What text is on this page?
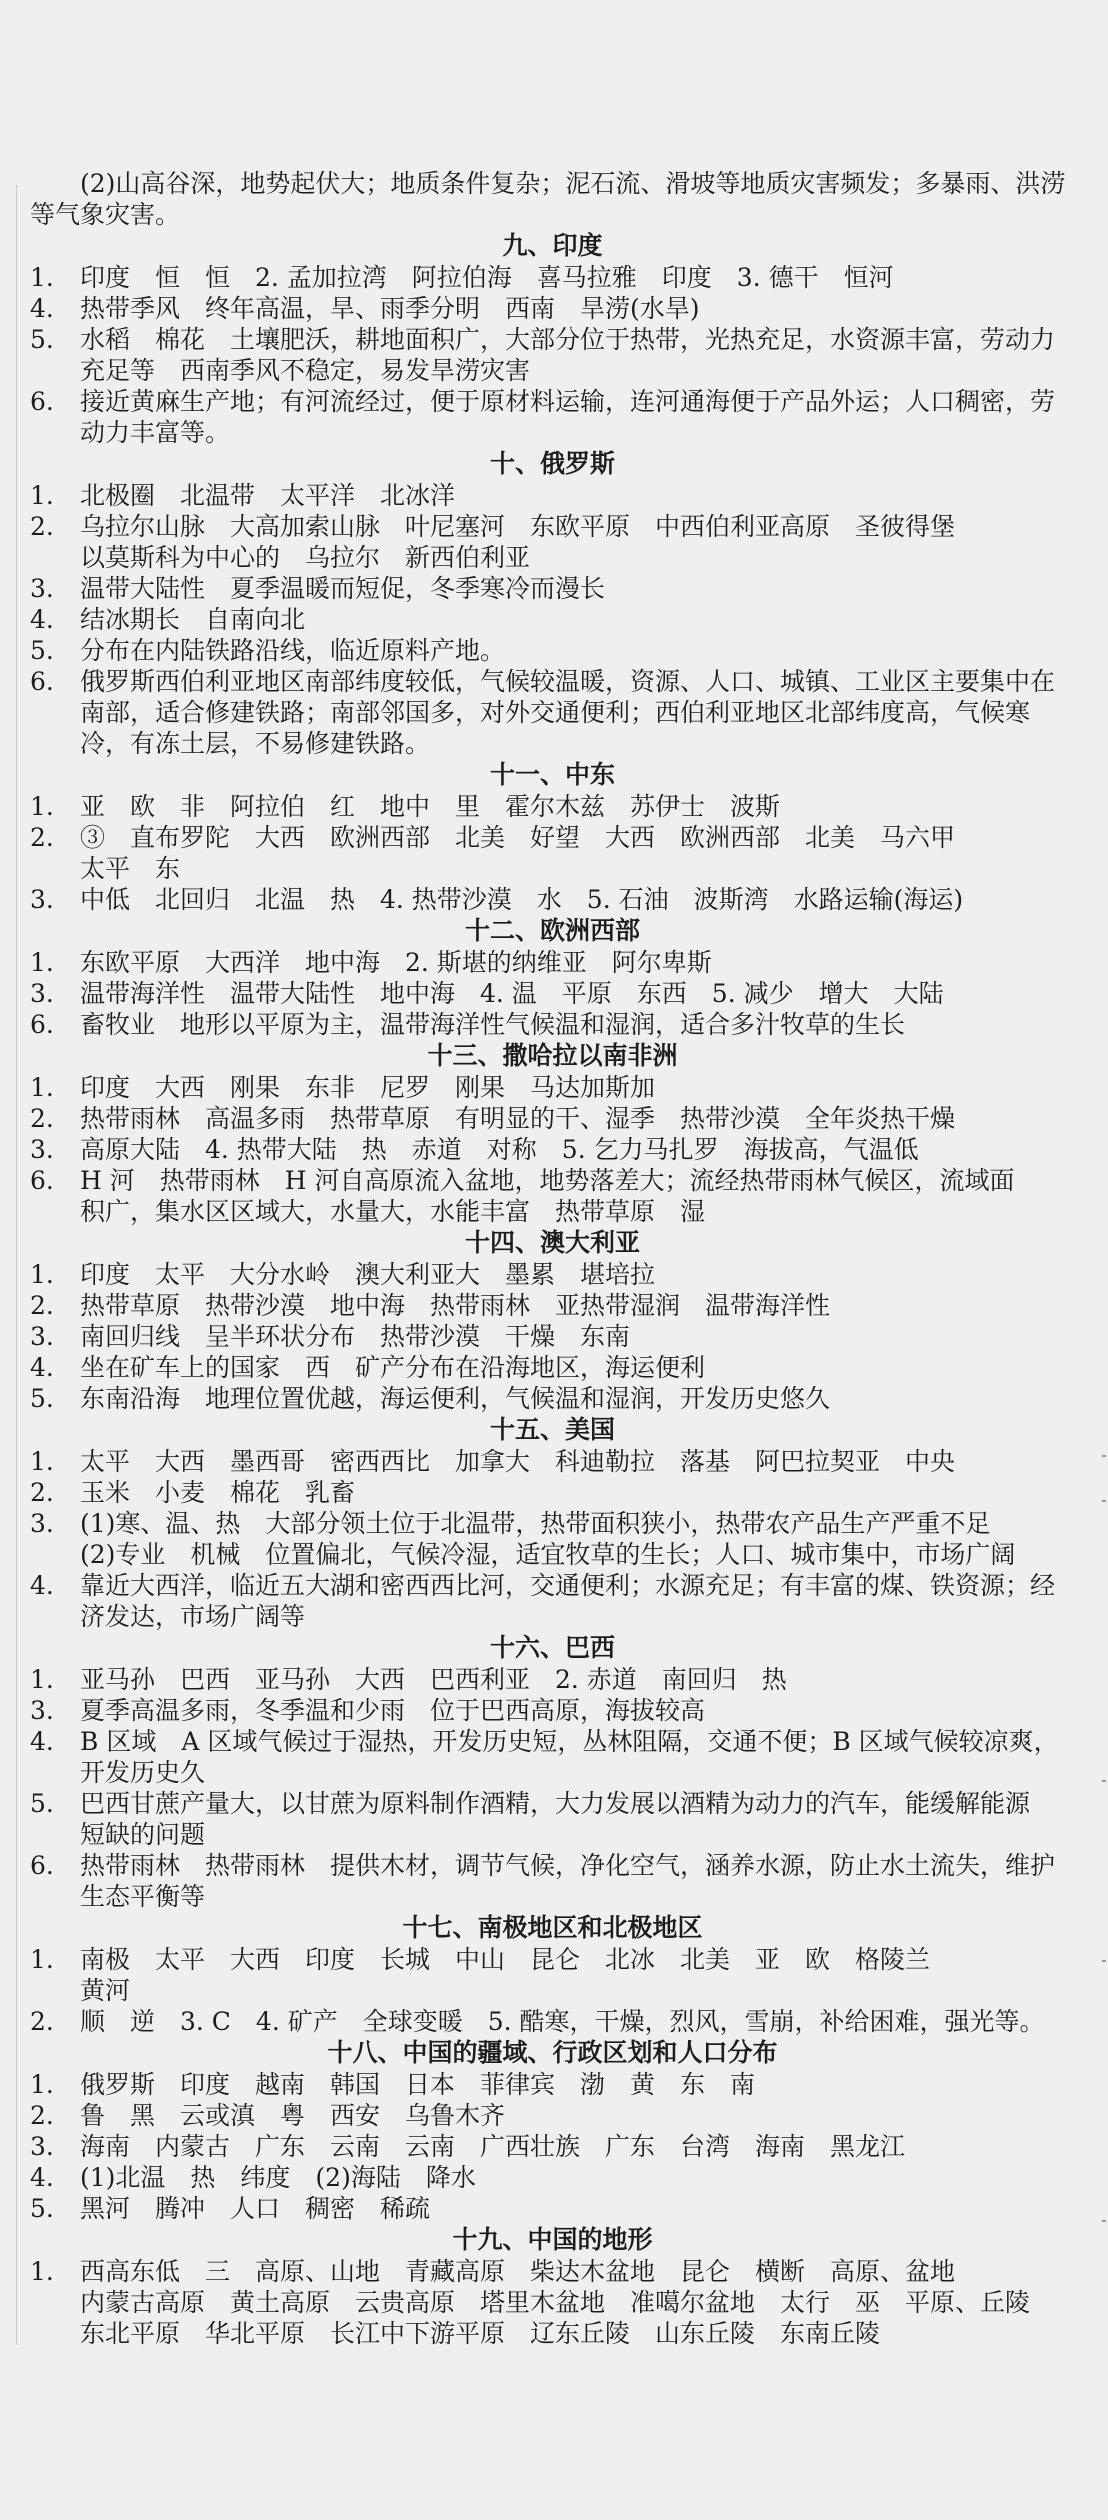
(2)山高谷深，地势起伏大；地质条件复杂；泥石流、滑坡等地质灾害频发；多暴雨、洪涝
等气象灾害。
九、印度
1.	印度　恒　恒　2. 孟加拉湾　阿拉伯海　喜马拉雅　印度　3. 德干　恒河
4.	热带季风　终年高温，旱、雨季分明　西南　旱涝(水旱)
5.	水稻　棉花　土壤肥沃，耕地面积广，大部分位于热带，光热充足，水资源丰富，劳动力
充足等　西南季风不稳定，易发旱涝灾害
6.	接近黄麻生产地；有河流经过，便于原材料运输，连河通海便于产品外运；人口稠密，劳
动力丰富等。
十、俄罗斯
1.	北极圈　北温带　太平洋　北冰洋
2.	乌拉尔山脉　大高加索山脉　叶尼塞河　东欧平原　中西伯利亚高原　圣彼得堡
以莫斯科为中心的　乌拉尔　新西伯利亚
3.	温带大陆性　夏季温暖而短促，冬季寒冷而漫长
4.	结冰期长　自南向北
5.	分布在内陆铁路沿线，临近原料产地。
6.	俄罗斯西伯利亚地区南部纬度较低，气候较温暖，资源、人口、城镇、工业区主要集中在
南部，适合修建铁路；南部邻国多，对外交通便利；西伯利亚地区北部纬度高，气候寒
冷，有冻土层，不易修建铁路。
十一、中东
1.	亚　欧　非　阿拉伯　红　地中　里　霍尔木兹　苏伊士　波斯
2.	③　直布罗陀　大西　欧洲西部　北美　好望　大西　欧洲西部　北美　马六甲
太平　东
3.	中低　北回归　北温　热　4. 热带沙漠　水　5. 石油　波斯湾　水路运输(海运)
十二、欧洲西部
1.	东欧平原　大西洋　地中海　2. 斯堪的纳维亚　阿尔卑斯
3.	温带海洋性　温带大陆性　地中海　4. 温　平原　东西　5. 减少　增大　大陆
6.	畜牧业　地形以平原为主，温带海洋性气候温和湿润，适合多汁牧草的生长
十三、撒哈拉以南非洲
1.	印度　大西　刚果　东非　尼罗　刚果　马达加斯加
2.	热带雨林　高温多雨　热带草原　有明显的干、湿季　热带沙漠　全年炎热干燥
3.	高原大陆　4. 热带大陆　热　赤道　对称　5. 乞力马扎罗　海拔高，气温低
6.	H 河　热带雨林　H 河自高原流入盆地，地势落差大；流经热带雨林气候区，流域面
积广，集水区区域大，水量大，水能丰富　热带草原　湿
十四、澳大利亚
1.	印度　太平　大分水岭　澳大利亚大　墨累　堪培拉
2.	热带草原　热带沙漠　地中海　热带雨林　亚热带湿润　温带海洋性
3.	南回归线　呈半环状分布　热带沙漠　干燥　东南
4.	坐在矿车上的国家　西　矿产分布在沿海地区，海运便利
5.	东南沿海　地理位置优越，海运便利，气候温和湿润，开发历史悠久
十五、美国
1.	太平　大西　墨西哥　密西西比　加拿大　科迪勒拉　落基　阿巴拉契亚　中央
2.	玉米　小麦　棉花　乳畜
3.	(1)寒、温、热　大部分领土位于北温带，热带面积狭小，热带农产品生产严重不足
(2)专业　机械　位置偏北，气候冷湿，适宜牧草的生长；人口、城市集中，市场广阔
4.	靠近大西洋，临近五大湖和密西西比河，交通便利；水源充足；有丰富的煤、铁资源；经
济发达，市场广阔等
十六、巴西
1.	亚马孙　巴西　亚马孙　大西　巴西利亚　2. 赤道　南回归　热
3.	夏季高温多雨，冬季温和少雨　位于巴西高原，海拔较高
4.	B 区域　A 区域气候过于湿热，开发历史短，丛林阻隔，交通不便；B 区域气候较凉爽，
开发历史久
5.	巴西甘蔗产量大，以甘蔗为原料制作酒精，大力发展以酒精为动力的汽车，能缓解能源
短缺的问题
6.	热带雨林　热带雨林　提供木材，调节气候，净化空气，涵养水源，防止水土流失，维护
生态平衡等
十七、南极地区和北极地区
1.	南极　太平　大西　印度　长城　中山　昆仑　北冰　北美　亚　欧　格陵兰
黄河
2.	顺　逆　3. C　4. 矿产　全球变暖　5. 酷寒，干燥，烈风，雪崩，补给困难，强光等。
十八、中国的疆域、行政区划和人口分布
1.	俄罗斯　印度　越南　韩国　日本　菲律宾　渤　黄　东　南
2.	鲁　黑　云或滇　粤　西安　乌鲁木齐
3.	海南　内蒙古　广东　云南　云南　广西壮族　广东　台湾　海南　黑龙江
4.	(1)北温　热　纬度　(2)海陆　降水
5.	黑河　腾冲　人口　稠密　稀疏
十九、中国的地形
1.	西高东低　三　高原、山地　青藏高原　柴达木盆地　昆仑　横断　高原、盆地
内蒙古高原　黄土高原　云贵高原　塔里木盆地　准噶尔盆地　太行　巫　平原、丘陵
东北平原　华北平原　长江中下游平原　辽东丘陵　山东丘陵　东南丘陵
